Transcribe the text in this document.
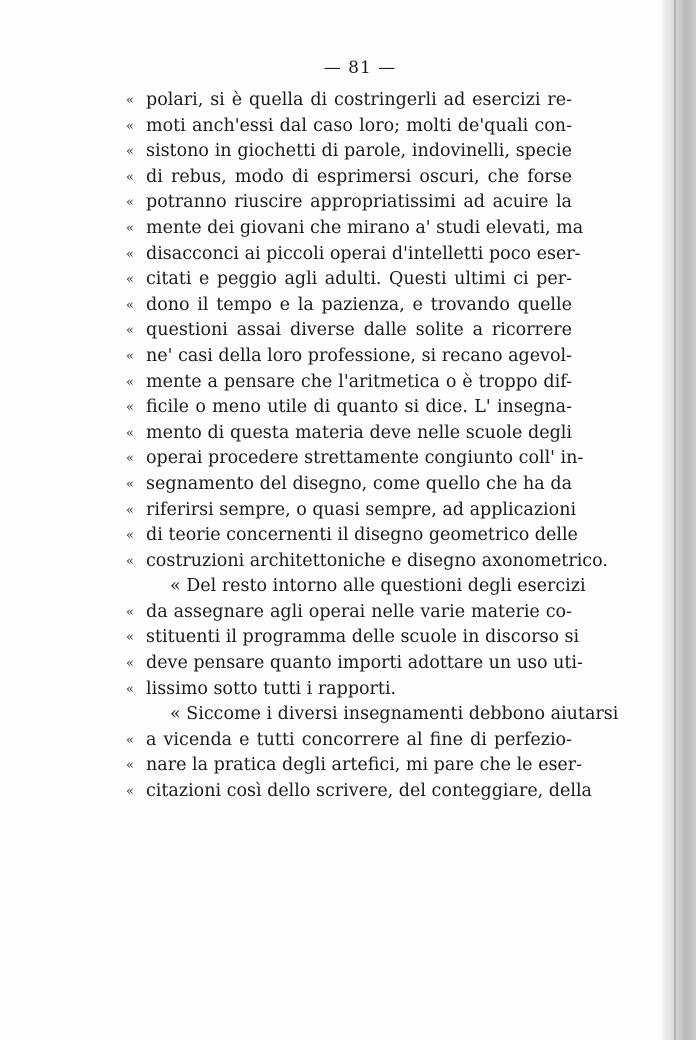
— 81 —
« polari, si è quella di costringerli ad esercizi re-
« moti anch'essi dal caso loro; molti de'quali con-
« sistono in giochetti di parole, indovinelli, specie
« di rebus, modo di esprimersi oscuri, che forse
« potranno riuscire appropriatissimi ad acuire la
« mente dei giovani che mirano a' studi elevati, ma
« disacconci ai piccoli operai d'intelletti poco eser-
« citati e peggio agli adulti. Questi ultimi ci per-
« dono il tempo e la pazienza, e trovando quelle
« questioni assai diverse dalle solite a ricorrere
« ne' casi della loro professione, si recano agevol-
« mente a pensare che l'aritmetica o è troppo dif-
« ficile o meno utile di quanto si dice. L' insegna-
« mento di questa materia deve nelle scuole degli
« operai procedere strettamente congiunto coll' in-
« segnamento del disegno, come quello che ha da
« riferirsi sempre, o quasi sempre, ad applicazioni
« di teorie concernenti il disegno geometrico delle
« costruzioni architettoniche e disegno axonometrico.
« Del resto intorno alle questioni degli esercizi
« da assegnare agli operai nelle varie materie co-
« stituenti il programma delle scuole in discorso si
« deve pensare quanto importi adottare un uso uti-
« lissimo sotto tutti i rapporti.
« Siccome i diversi insegnamenti debbono aiutarsi
« a vicenda e tutti concorrere al fine di perfezio-
« nare la pratica degli artefici, mi pare che le eser-
« citazioni così dello scrivere, del conteggiare, della
